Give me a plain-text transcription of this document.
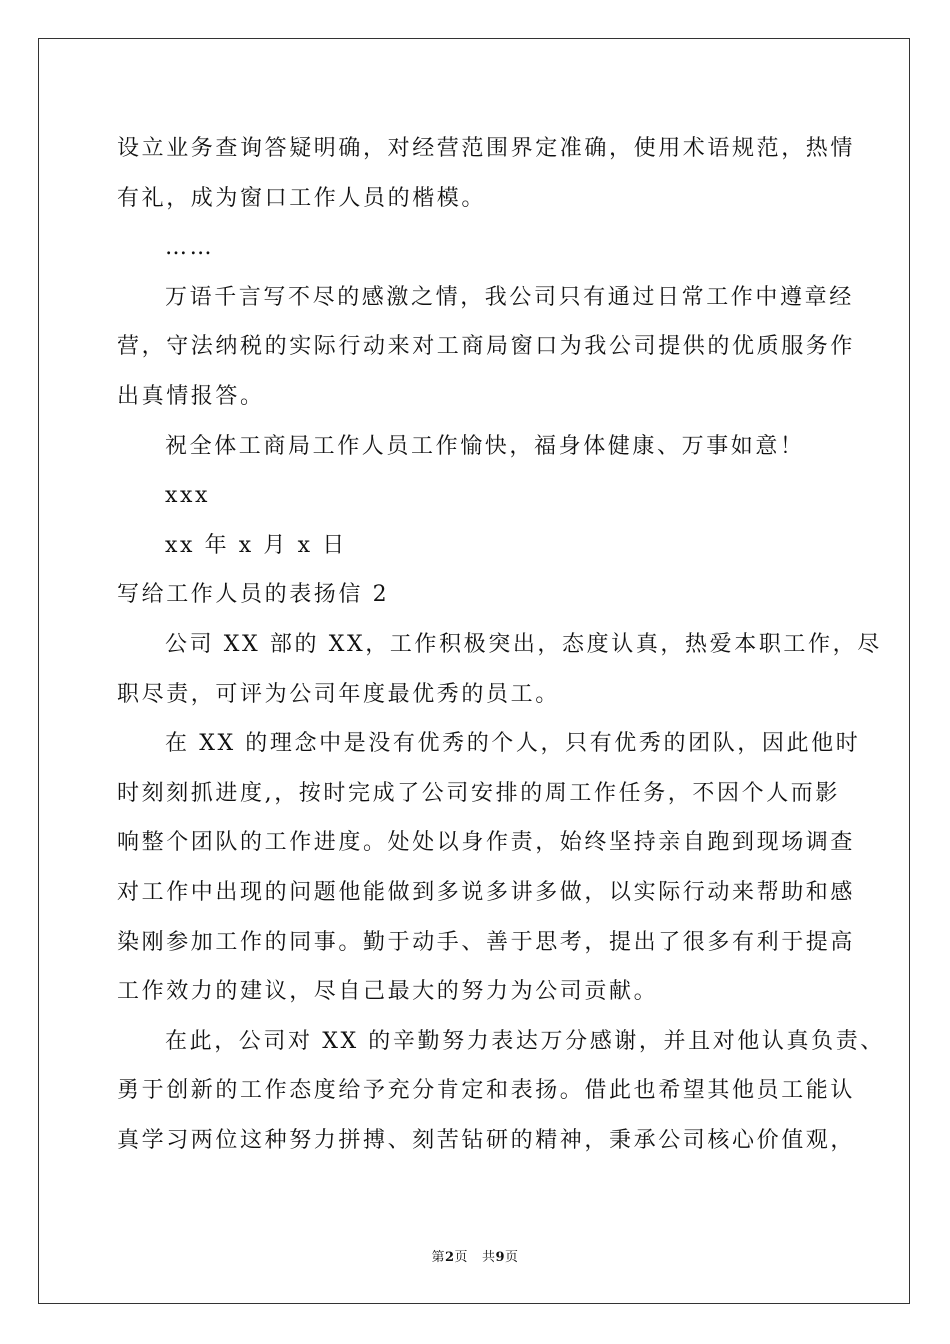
设立业务查询答疑明确，对经营范围界定准确，使用术语规范，热情
有礼，成为窗口工作人员的楷模。
……
万语千言写不尽的感激之情，我公司只有通过日常工作中遵章经
营，守法纳税的实际行动来对工商局窗口为我公司提供的优质服务作
出真情报答。
祝全体工商局工作人员工作愉快，福身体健康、万事如意！
xxx
xx 年 x 月 x 日
写给工作人员的表扬信 2
公司 XX 部的 XX，工作积极突出，态度认真，热爱本职工作，尽
职尽责，可评为公司年度最优秀的员工。
在 XX 的理念中是没有优秀的个人，只有优秀的团队，因此他时
时刻刻抓进度,，按时完成了公司安排的周工作任务，不因个人而影
响整个团队的工作进度。处处以身作责，始终坚持亲自跑到现场调查
对工作中出现的问题他能做到多说多讲多做，以实际行动来帮助和感
染刚参加工作的同事。勤于动手、善于思考，提出了很多有利于提高
工作效力的建议，尽自己最大的努力为公司贡献。
在此，公司对 XX 的辛勤努力表达万分感谢，并且对他认真负责、
勇于创新的工作态度给予充分肯定和表扬。借此也希望其他员工能认
真学习两位这种努力拼搏、刻苦钻研的精神，秉承公司核心价值观，
第2页 共9页
